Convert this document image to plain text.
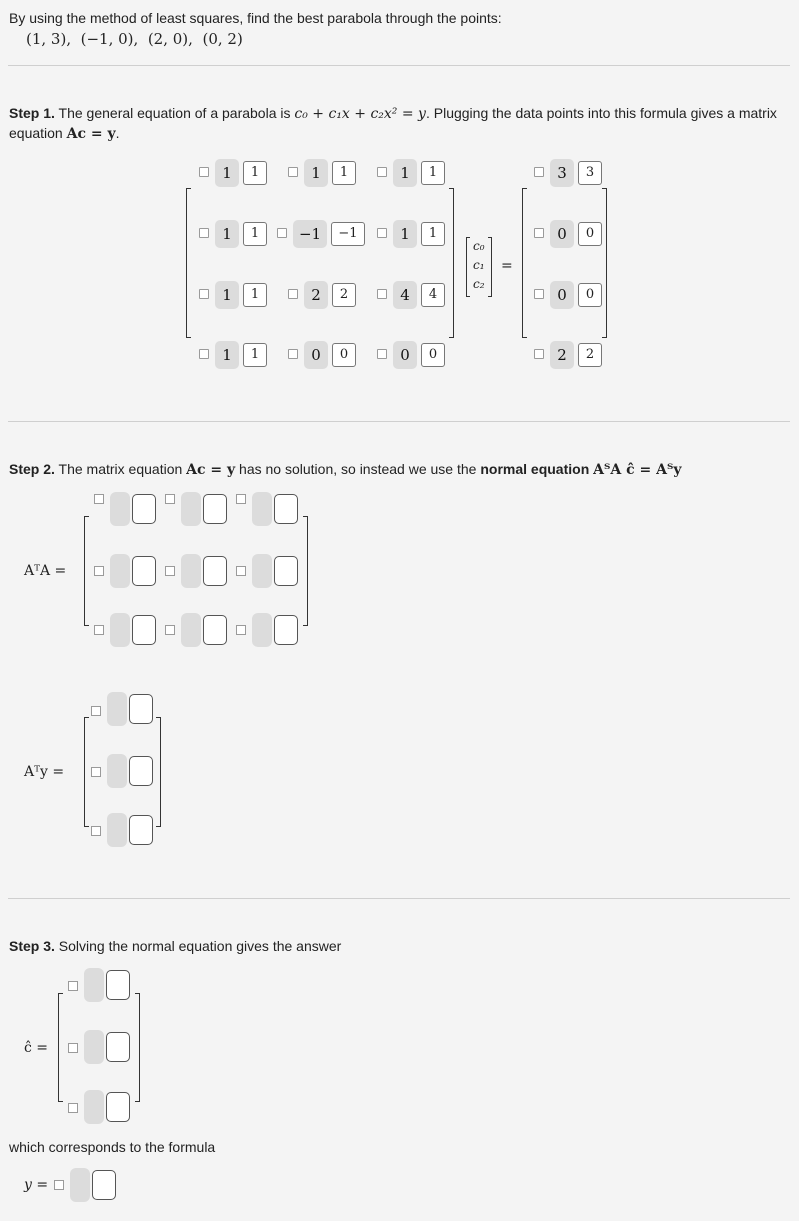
By using the method of least squares, find the best parabola through the points:
(1, 3),  (−1, 0),  (2, 0),  (0, 2)
Step 1. The general equation of a parabola is c₀ + c₁x + c₂x² = y. Plugging the data points into this formula gives a matrix
equation Ac = y.
1	1	1	1	1	1
1	1	−1	−1	1	1
1	1	2	2	4	4
1	1	0	0	0	0
c₀
c₁
c₂
=
3	3
0	0
0	0
2	2
Step 2. The matrix equation Ac = y has no solution, so instead we use the normal equation AᵀA ĉ = Aᵀy
AᵀA =
Aᵀy =
Step 3. Solving the normal equation gives the answer
ĉ =
which corresponds to the formula
y =
